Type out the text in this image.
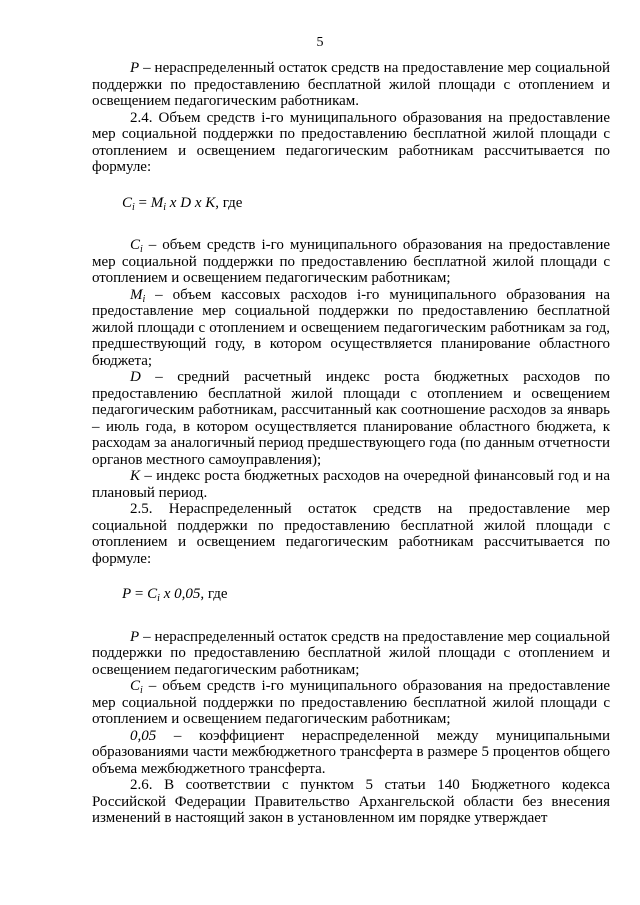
5

P – нераспределенный остаток средств на предоставление мер социальной поддержки по предоставлению бесплатной жилой площади с отоплением и освещением педагогическим работникам.

2.4. Объем средств i-го муниципального образования на предоставление мер социальной поддержки по предоставлению бесплатной жилой площади с отоплением и освещением педагогическим работникам рассчитывается по формуле:

$C_i = M_i$ x D x K, где

$C_i$ – объем средств i-го муниципального образования на предоставление мер социальной поддержки по предоставлению бесплатной жилой площади с отоплением и освещением педагогическим работникам;

$M_i$ – объем кассовых расходов i-го муниципального образования на предоставление мер социальной поддержки по предоставлению бесплатной жилой площади с отоплением и освещением педагогическим работникам за год, предшествующий году, в котором осуществляется планирование областного бюджета;

D – средний расчетный индекс роста бюджетных расходов по предоставлению бесплатной жилой площади с отоплением и освещением педагогическим работникам, рассчитанный как соотношение расходов за январь – июль года, в котором осуществляется планирование областного бюджета, к расходам за аналогичный период предшествующего года (по данным отчетности органов местного самоуправления);

K – индекс роста бюджетных расходов на очередной финансовый год и на плановый период.

2.5. Нераспределенный остаток средств на предоставление мер социальной поддержки по предоставлению бесплатной жилой площади с отоплением и освещением педагогическим работникам рассчитывается по формуле:

$P = C_i$ x 0,05, где

P – нераспределенный остаток средств на предоставление мер социальной поддержки по предоставлению бесплатной жилой площади с отоплением и освещением педагогическим работникам;

$C_i$ – объем средств i-го муниципального образования на предоставление мер социальной поддержки по предоставлению бесплатной жилой площади с отоплением и освещением педагогическим работникам;

0,05 – коэффициент нераспределенной между муниципальными образованиями части межбюджетного трансферта в размере 5 процентов общего объема межбюджетного трансферта.

2.6. В соответствии с пунктом 5 статьи 140 Бюджетного кодекса Российской Федерации Правительство Архангельской области без внесения изменений в настоящий закон в установленном им порядке утверждает
